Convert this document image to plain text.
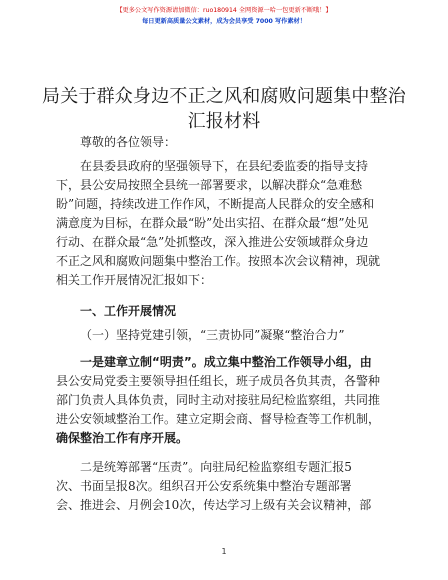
【更多公文写作资源请加微信：ruo180914 全网资源一哈一包更新不断哦！】
每日更新高质量公文素材，成为会员享受 7000 写作素材！
局关于群众身边不正之风和腐败问题集中整治
汇报材料
尊敬的各位领导：
在县委县政府的坚强领导下，在县纪委监委的指导支持
下，县公安局按照全县统一部署要求，以解决群众“急难愁
盼”问题，持续改进工作作风，不断提高人民群众的安全感和
满意度为目标，在群众最“盼”处出实招、在群众最“想”处见
行动、在群众最“急”处抓整改，深入推进公安领域群众身边
不正之风和腐败问题集中整治工作。按照本次会议精神，现就
相关工作开展情况汇报如下：
一、工作开展情况
（一）坚持党建引领，“三责协同”凝聚“整治合力”
一是建章立制“明责”。成立集中整治工作领导小组，由
县公安局党委主要领导担任组长，班子成员各负其责，各警种
部门负责人具体负责，同时主动对接驻局纪检监察组，共同推
进公安领域整治工作。建立定期会商、督导检查等工作机制，
确保整治工作有序开展。
二是统筹部署“压责”。向驻局纪检监察组专题汇报5
次、书面呈报8次。组织召开公安系统集中整治专题部署
会、推进会、月例会10次，传达学习上级有关会议精神，部
1
